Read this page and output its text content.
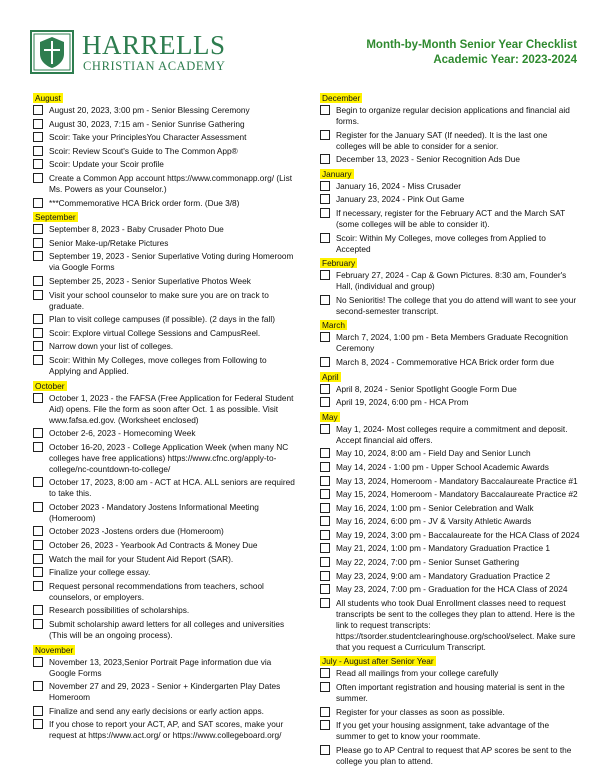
HARRELLS
CHRISTIAN ACADEMY
Month-by-Month Senior Year Checklist
Academic Year: 2023-2024
August
August 20, 2023, 3:00 pm - Senior Blessing Ceremony
August 30, 2023, 7:15 am - Senior Sunrise Gathering
Scoir: Take your PrinciplesYou Character Assessment
Scoir: Review Scout's Guide to The Common App®
Scoir: Update your Scoir profile
Create a Common App account https://www.commonapp.org/ (List Ms. Powers as your Counselor.)
***Commemorative HCA Brick order form. (Due 3/8)
September
September 8, 2023 - Baby Crusader Photo Due
Senior Make-up/Retake Pictures
September 19, 2023 - Senior Superlative Voting during Homeroom via Google Forms
September 25, 2023 - Senior Superlative Photos Week
Visit your school counselor to make sure you are on track to graduate.
Plan to visit college campuses (if possible). (2 days in the fall)
Scoir: Explore virtual College Sessions and CampusReel.
Narrow down your list of colleges.
Scoir: Within My Colleges, move colleges from Following to Applying and Applied.
October
October 1, 2023 - the FAFSA (Free Application for Federal Student Aid) opens. File the form as soon after Oct. 1 as possible. Visit www.fafsa.ed.gov. (Worksheet enclosed)
October 2-6, 2023 - Homecoming Week
October 16-20, 2023 - College Application Week (when many NC colleges have free applications) https://www.cfnc.org/apply-to-college/nc-countdown-to-college/
October 17, 2023, 8:00 am - ACT at HCA. ALL seniors are required to take this.
October 2023 - Mandatory Jostens Informational Meeting (Homeroom)
October 2023 -Jostens orders due (Homeroom)
October 26, 2023 - Yearbook Ad Contracts & Money Due
Watch the mail for your Student Aid Report (SAR).
Finalize your college essay.
Request personal recommendations from teachers, school counselors, or employers.
Research possibilities of scholarships.
Submit scholarship award letters for all colleges and universities (This will be an ongoing process).
November
November 13, 2023,Senior Portrait Page information due via Google Forms
November 27 and 29, 2023 - Senior + Kindergarten Play Dates Homeroom
Finalize and send any early decisions or early action apps.
If you chose to report your ACT, AP, and SAT scores, make your request at https://www.act.org/ or https://www.collegeboard.org/
December
Begin to organize regular decision applications and financial aid forms.
Register for the January SAT (If needed). It is the last one colleges will be able to consider for a senior.
December 13, 2023 - Senior Recognition Ads Due
January
January 16, 2024 - Miss Crusader
January 23, 2024 - Pink Out Game
If necessary, register for the February ACT and the March SAT (some colleges will be able to consider it).
Scoir: Within My Colleges, move colleges from Applied to Accepted
February
February 27, 2024 - Cap & Gown Pictures. 8:30 am, Founder's Hall, (individual and group)
No Senioritis! The college that you do attend will want to see your second-semester transcript.
March
March 7, 2024, 1:00 pm - Beta Members Graduate Recognition Ceremony
March 8, 2024 - Commemorative HCA Brick order form due
April
April 8, 2024 - Senior Spotlight Google Form Due
April 19, 2024, 6:00 pm - HCA Prom
May
May 1, 2024- Most colleges require a commitment and deposit. Accept financial aid offers.
May 10, 2024, 8:00 am - Field Day and Senior Lunch
May 14, 2024 - 1:00 pm - Upper School Academic Awards
May 13, 2024, Homeroom - Mandatory Baccalaureate Practice #1
May 15, 2024, Homeroom - Mandatory Baccalaureate Practice #2
May 16, 2024, 1:00 pm - Senior Celebration and Walk
May 16, 2024, 6:00 pm - JV & Varsity Athletic Awards
May 19, 2024, 3:00 pm - Baccalaureate for the HCA Class of 2024
May 21, 2024, 1:00 pm - Mandatory Graduation Practice 1
May 22, 2024, 7:00 pm - Senior Sunset Gathering
May 23, 2024, 9:00 am - Mandatory Graduation Practice 2
May 23, 2024, 7:00 pm - Graduation for the HCA Class of 2024
All students who took Dual Enrollment classes need to request transcripts be sent to the colleges they plan to attend. Here is the link to request transcripts: https://tsorder.studentclearinghouse.org/school/select. Make sure that you request a Curriculum Transcript.
July - August after Senior Year
Read all mailings from your college carefully
Often important registration and housing material is sent in the summer.
Register for your classes as soon as possible.
If you get your housing assignment, take advantage of the summer to get to know your roommate.
Please go to AP Central to request that AP scores be sent to the college you plan to attend.
